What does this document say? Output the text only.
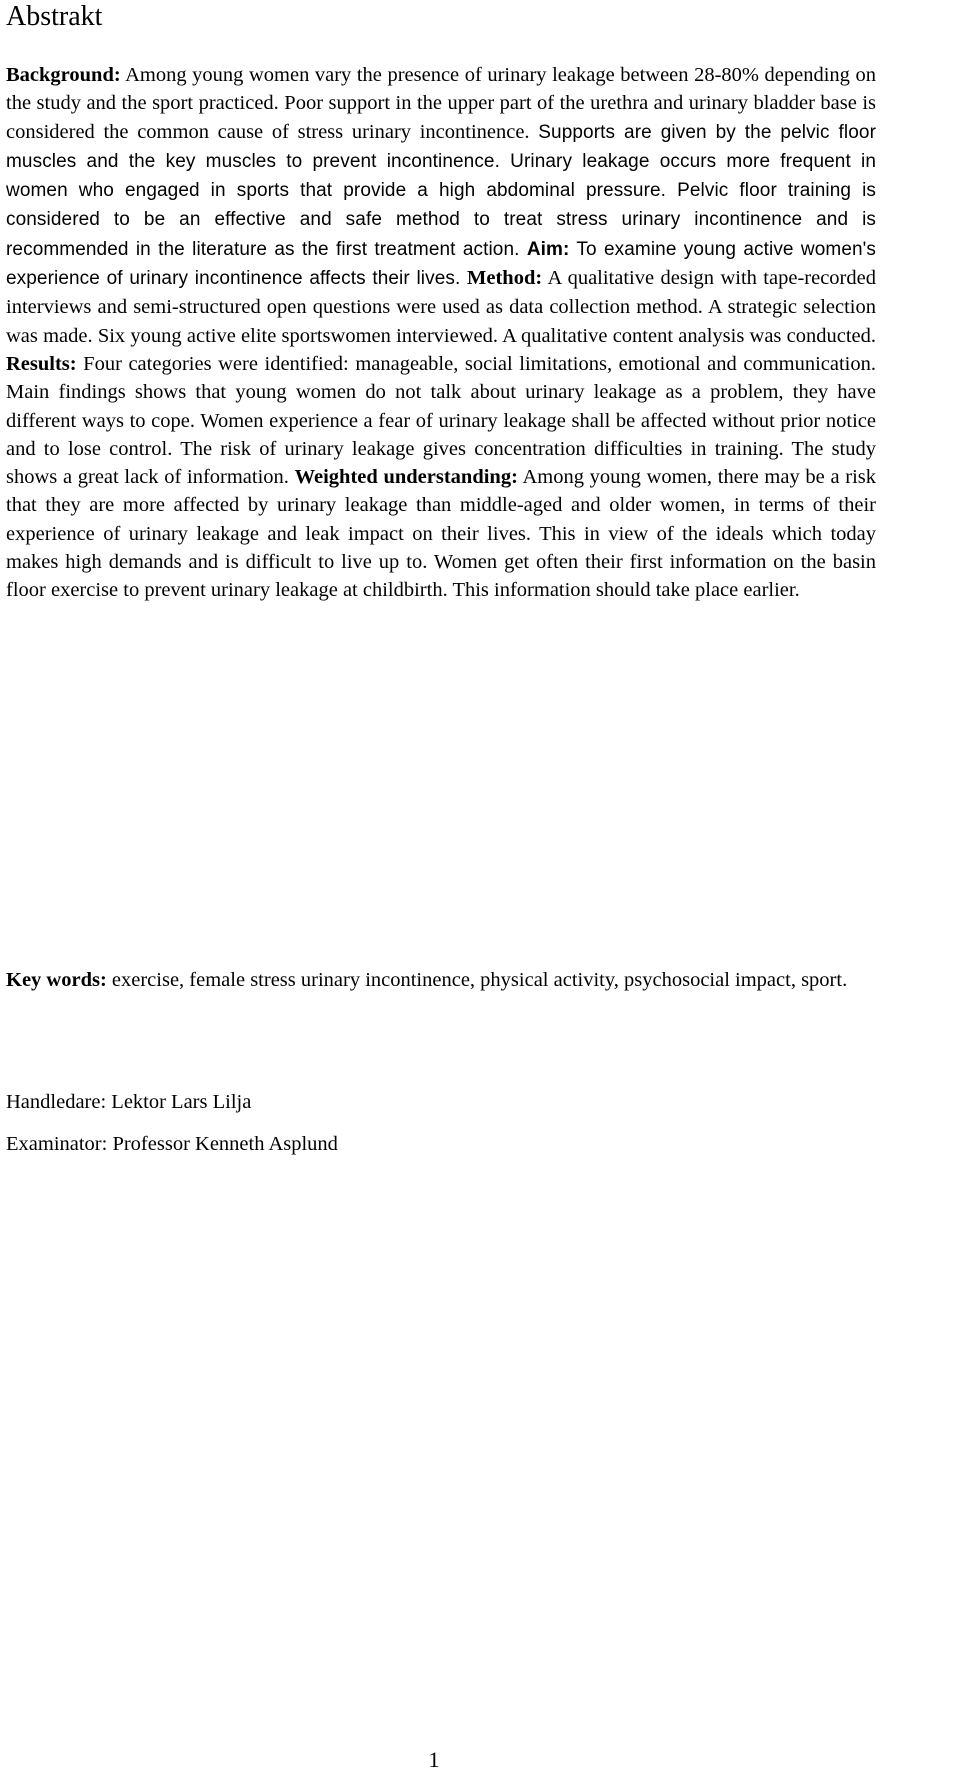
Abstrakt

Background: Among young women vary the presence of urinary leakage between 28-80% depending on the study and the sport practiced. Poor support in the upper part of the urethra and urinary bladder base is considered the common cause of stress urinary incontinence. Supports are given by the pelvic floor muscles and the key muscles to prevent incontinence. Urinary leakage occurs more frequent in women who engaged in sports that provide a high abdominal pressure. Pelvic floor training is considered to be an effective and safe method to treat stress urinary incontinence and is recommended in the literature as the first treatment action. Aim: To examine young active women's experience of urinary incontinence affects their lives. Method: A qualitative design with tape-recorded interviews and semi-structured open questions were used as data collection method. A strategic selection was made. Six young active elite sportswomen interviewed. A qualitative content analysis was conducted. Results: Four categories were identified: manageable, social limitations, emotional and communication. Main findings shows that young women do not talk about urinary leakage as a problem, they have different ways to cope. Women experience a fear of urinary leakage shall be affected without prior notice and to lose control. The risk of urinary leakage gives concentration difficulties in training. The study shows a great lack of information. Weighted understanding: Among young women, there may be a risk that they are more affected by urinary leakage than middle-aged and older women, in terms of their experience of urinary leakage and leak impact on their lives. This in view of the ideals which today makes high demands and is difficult to live up to. Women get often their first information on the basin floor exercise to prevent urinary leakage at childbirth. This information should take place earlier.

Key words: exercise, female stress urinary incontinence, physical activity, psychosocial impact, sport.

Handledare: Lektor Lars Lilja

Examinator: Professor Kenneth Asplund

1
